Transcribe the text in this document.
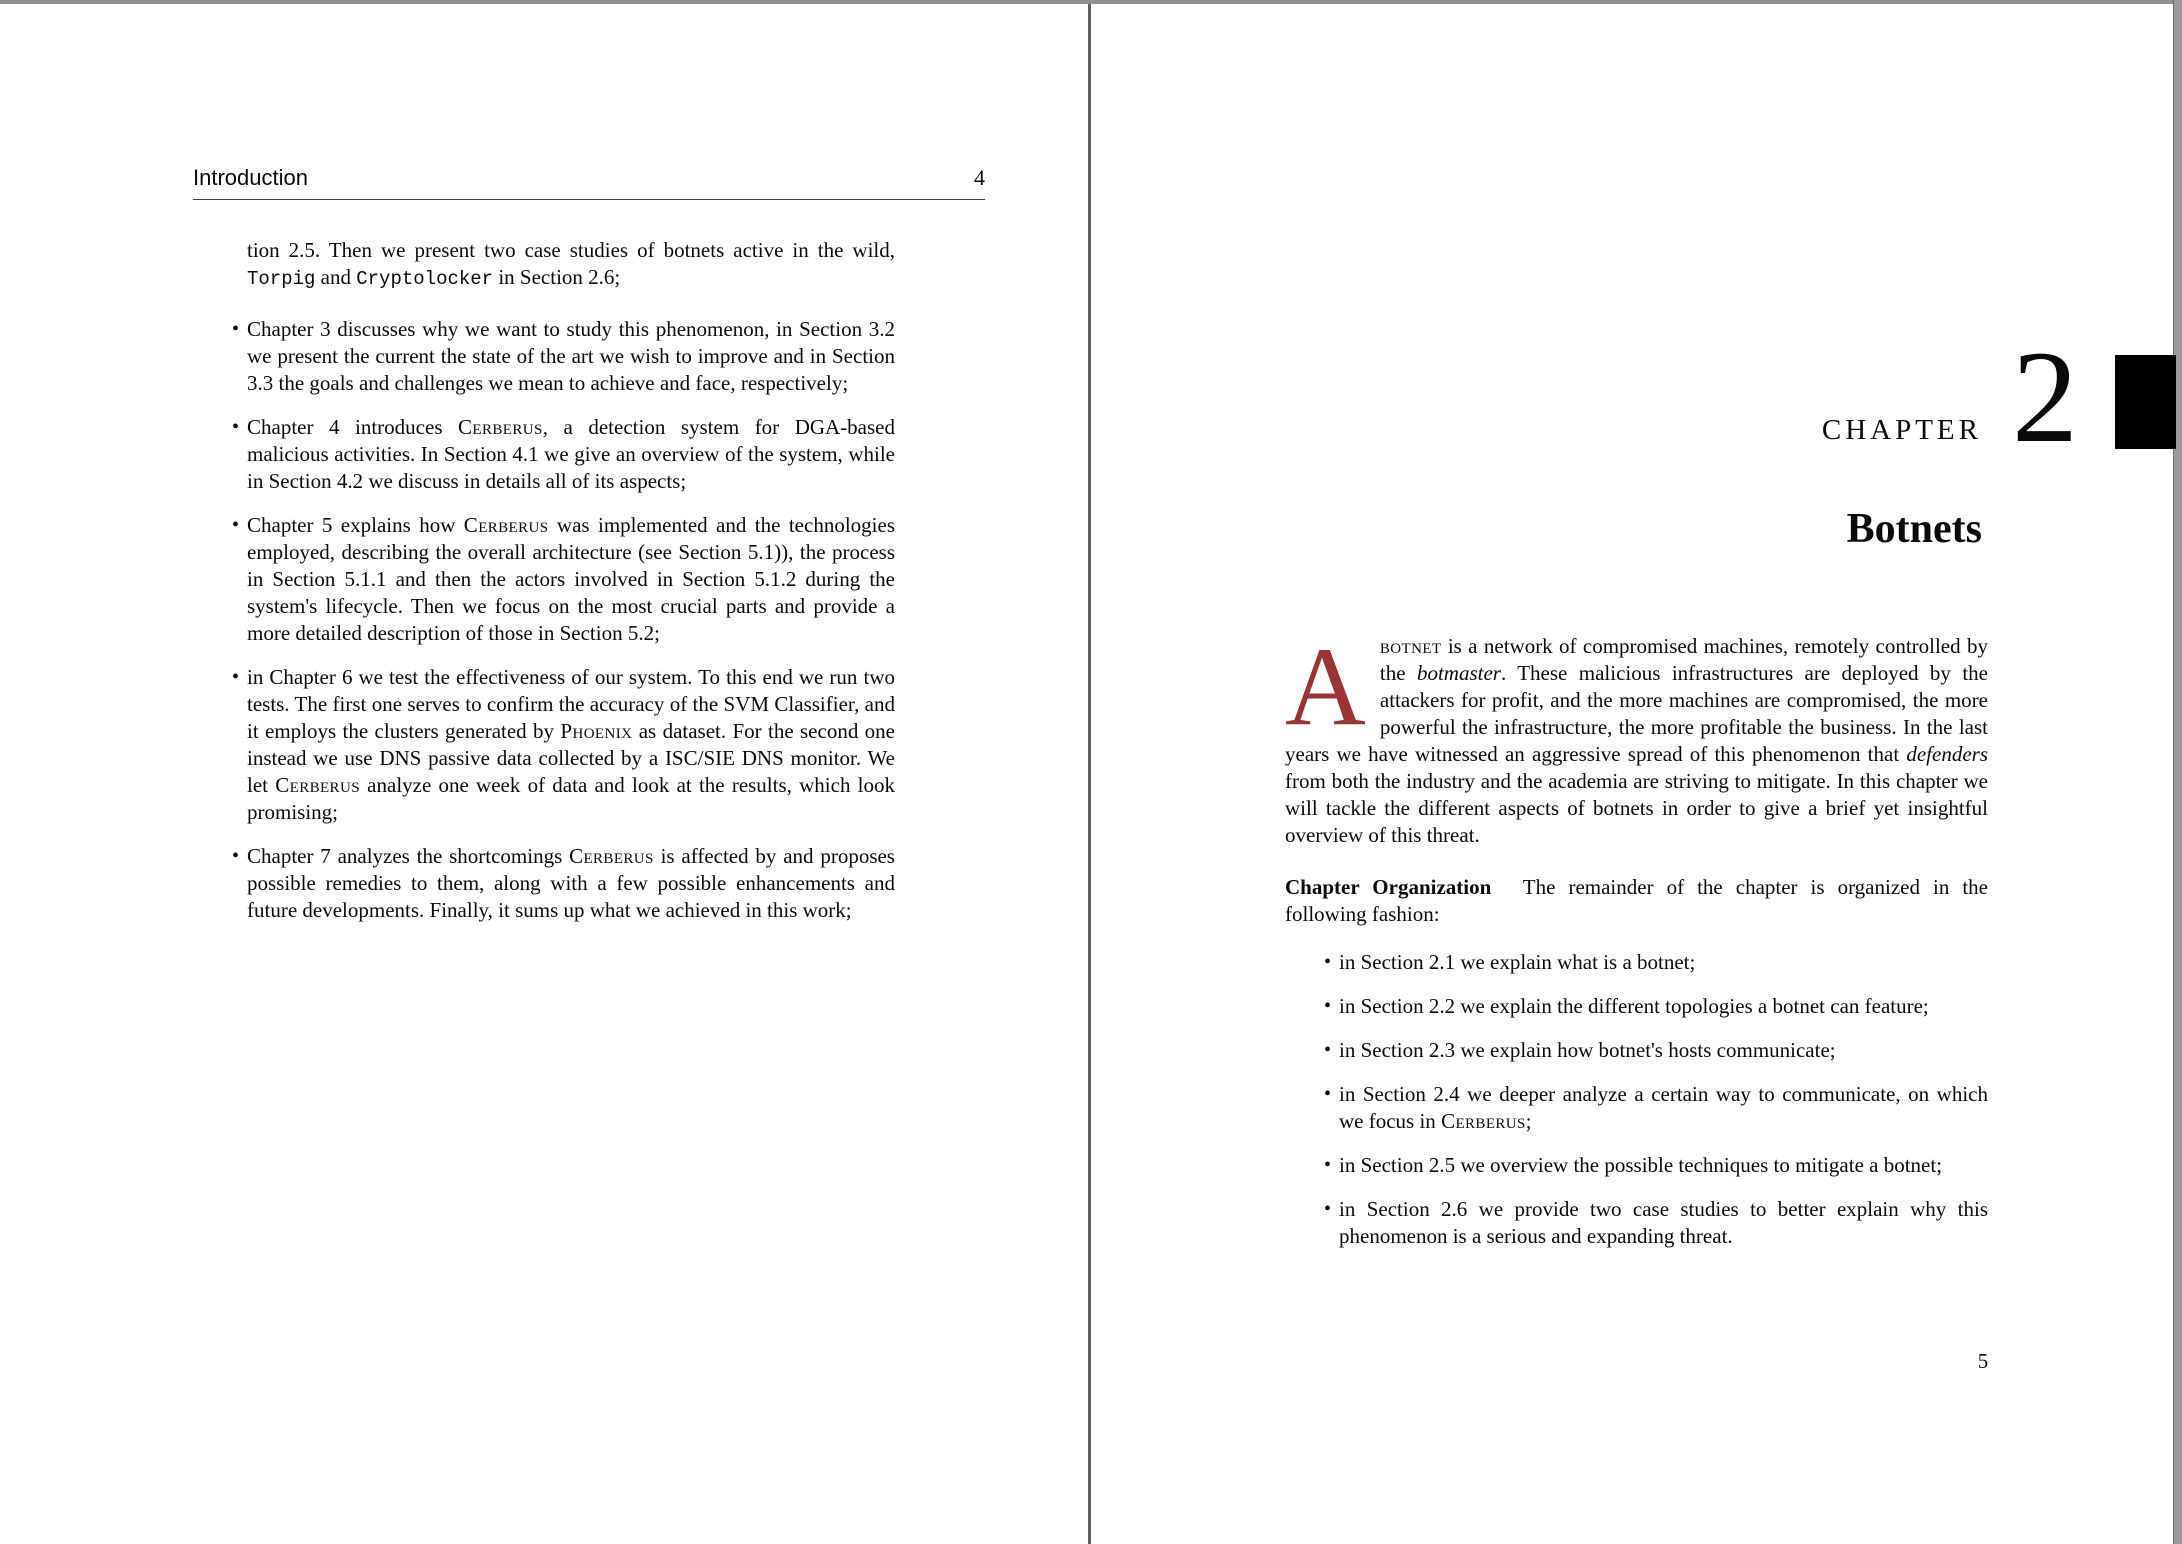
Introduction	4
tion 2.5. Then we present two case studies of botnets active in the wild, Torpig and Cryptolocker in Section 2.6;
• Chapter 3 discusses why we want to study this phenomenon, in Section 3.2 we present the current the state of the art we wish to improve and in Section 3.3 the goals and challenges we mean to achieve and face, respectively;
• Chapter 4 introduces Cerberus, a detection system for DGA-based malicious activities. In Section 4.1 we give an overview of the system, while in Section 4.2 we discuss in details all of its aspects;
• Chapter 5 explains how Cerberus was implemented and the technologies employed, describing the overall architecture (see Section 5.1)), the process in Section 5.1.1 and then the actors involved in Section 5.1.2 during the system's lifecycle. Then we focus on the most crucial parts and provide a more detailed description of those in Section 5.2;
• in Chapter 6 we test the effectiveness of our system. To this end we run two tests. The first one serves to confirm the accuracy of the SVM Classifier, and it employs the clusters generated by Phoenix as dataset. For the second one instead we use DNS passive data collected by a ISC/SIE DNS monitor. We let Cerberus analyze one week of data and look at the results, which look promising;
• Chapter 7 analyzes the shortcomings Cerberus is affected by and proposes possible remedies to them, along with a few possible enhancements and future developments. Finally, it sums up what we achieved in this work;
CHAPTER 2
Botnets

Abotnet is a network of compromised machines, remotely controlled by the botmaster. These malicious infrastructures are deployed by the attackers for profit, and the more machines are compromised, the more powerful the infrastructure, the more profitable the business. In the last years we have witnessed an aggressive spread of this phenomenon that defenders from both the industry and the academia are striving to mitigate. In this chapter we will tackle the different aspects of botnets in order to give a brief yet insightful overview of this threat.

Chapter Organization   The remainder of the chapter is organized in the following fashion:
• in Section 2.1 we explain what is a botnet;
• in Section 2.2 we explain the different topologies a botnet can feature;
• in Section 2.3 we explain how botnet's hosts communicate;
• in Section 2.4 we deeper analyze a certain way to communicate, on which we focus in Cerberus;
• in Section 2.5 we overview the possible techniques to mitigate a botnet;
• in Section 2.6 we provide two case studies to better explain why this phenomenon is a serious and expanding threat.
5
